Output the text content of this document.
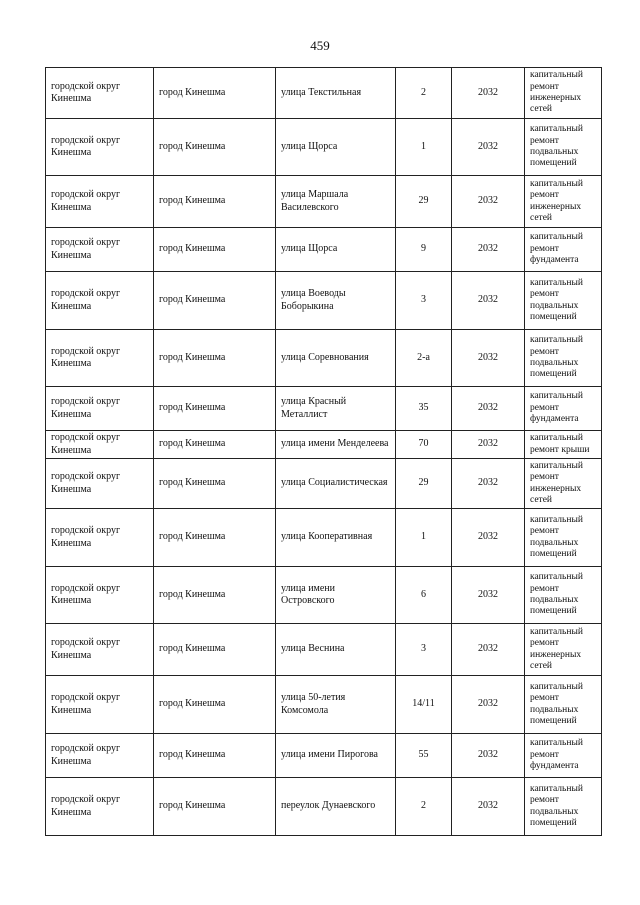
459
городской округ Кинешма	город Кинешма	улица Текстильная	2	2032	капитальный ремонт инженерных сетей
городской округ Кинешма	город Кинешма	улица Щорса	1	2032	капитальный ремонт подвальных помещений
городской округ Кинешма	город Кинешма	улица Маршала Василевского	29	2032	капитальный ремонт инженерных сетей
городской округ Кинешма	город Кинешма	улица Щорса	9	2032	капитальный ремонт фундамента
городской округ Кинешма	город Кинешма	улица Воеводы Боборыкина	3	2032	капитальный ремонт подвальных помещений
городской округ Кинешма	город Кинешма	улица Соревнования	2-а	2032	капитальный ремонт подвальных помещений
городской округ Кинешма	город Кинешма	улица Красный Металлист	35	2032	капитальный ремонт фундамента
городской округ Кинешма	город Кинешма	улица имени Менделеева	70	2032	капитальный ремонт крыши
городской округ Кинешма	город Кинешма	улица Социалистическая	29	2032	капитальный ремонт инженерных сетей
городской округ Кинешма	город Кинешма	улица Кооперативная	1	2032	капитальный ремонт подвальных помещений
городской округ Кинешма	город Кинешма	улица имени Островского	6	2032	капитальный ремонт подвальных помещений
городской округ Кинешма	город Кинешма	улица Веснина	3	2032	капитальный ремонт инженерных сетей
городской округ Кинешма	город Кинешма	улица 50-летия Комсомола	14/11	2032	капитальный ремонт подвальных помещений
городской округ Кинешма	город Кинешма	улица имени Пирогова	55	2032	капитальный ремонт фундамента
городской округ Кинешма	город Кинешма	переулок Дунаевского	2	2032	капитальный ремонт подвальных помещений
